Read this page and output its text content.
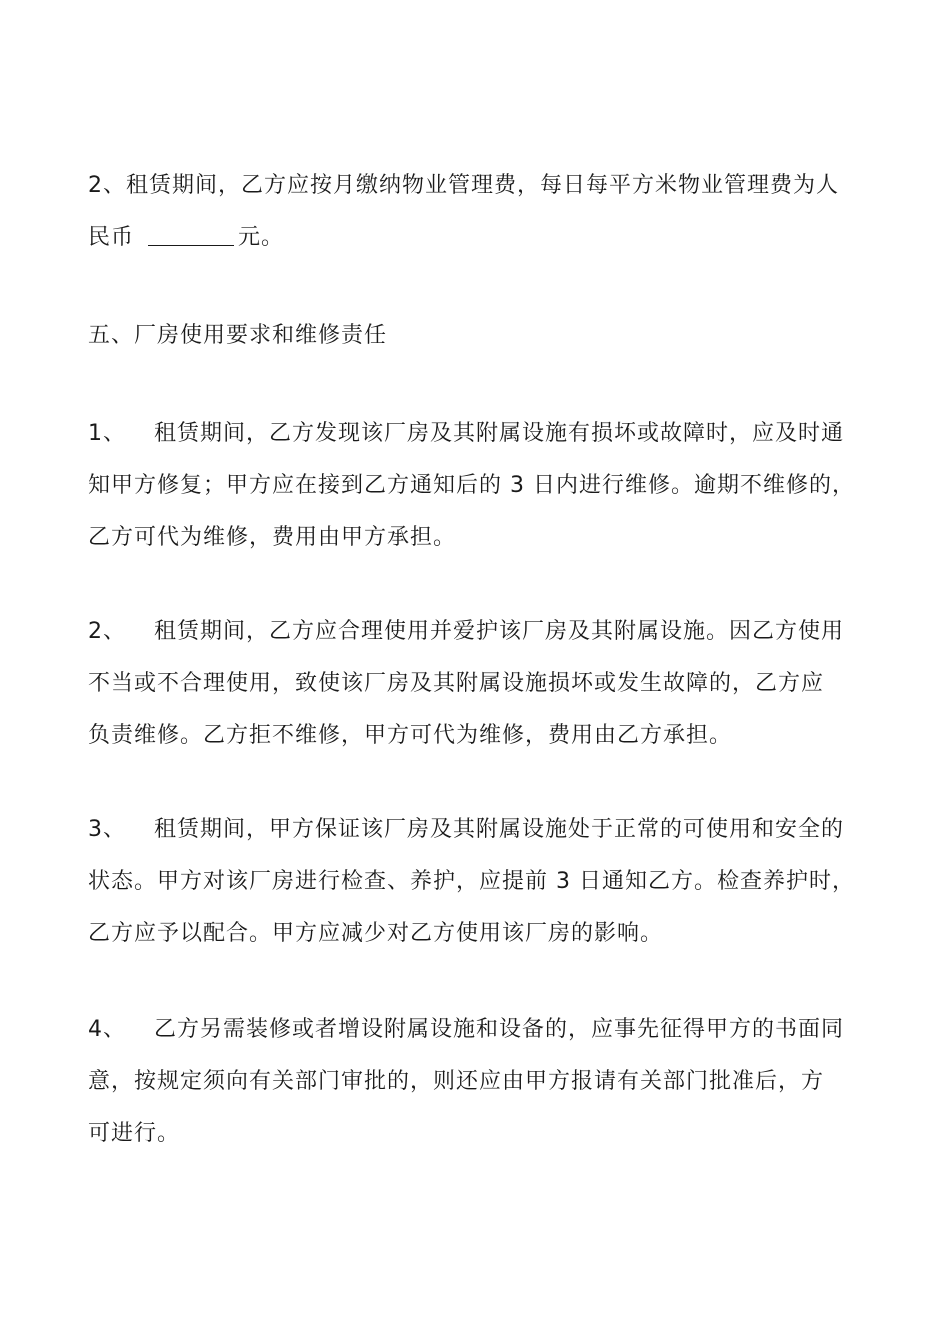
2、租赁期间，乙方应按月缴纳物业管理费，每日每平方米物业管理费为人
民币	元。

五、厂房使用要求和维修责任

1、 租赁期间，乙方发现该厂房及其附属设施有损坏或故障时，应及时通
知甲方修复；甲方应在接到乙方通知后的 3 日内进行维修。逾期不维修的，
乙方可代为维修，费用由甲方承担。

2、 租赁期间，乙方应合理使用并爱护该厂房及其附属设施。因乙方使用
不当或不合理使用，致使该厂房及其附属设施损坏或发生故障的，乙方应
负责维修。乙方拒不维修，甲方可代为维修，费用由乙方承担。

3、 租赁期间，甲方保证该厂房及其附属设施处于正常的可使用和安全的
状态。甲方对该厂房进行检查、养护，应提前 3 日通知乙方。检查养护时，
乙方应予以配合。甲方应减少对乙方使用该厂房的影响。

4、 乙方另需装修或者增设附属设施和设备的，应事先征得甲方的书面同
意，按规定须向有关部门审批的，则还应由甲方报请有关部门批准后，方
可进行。
